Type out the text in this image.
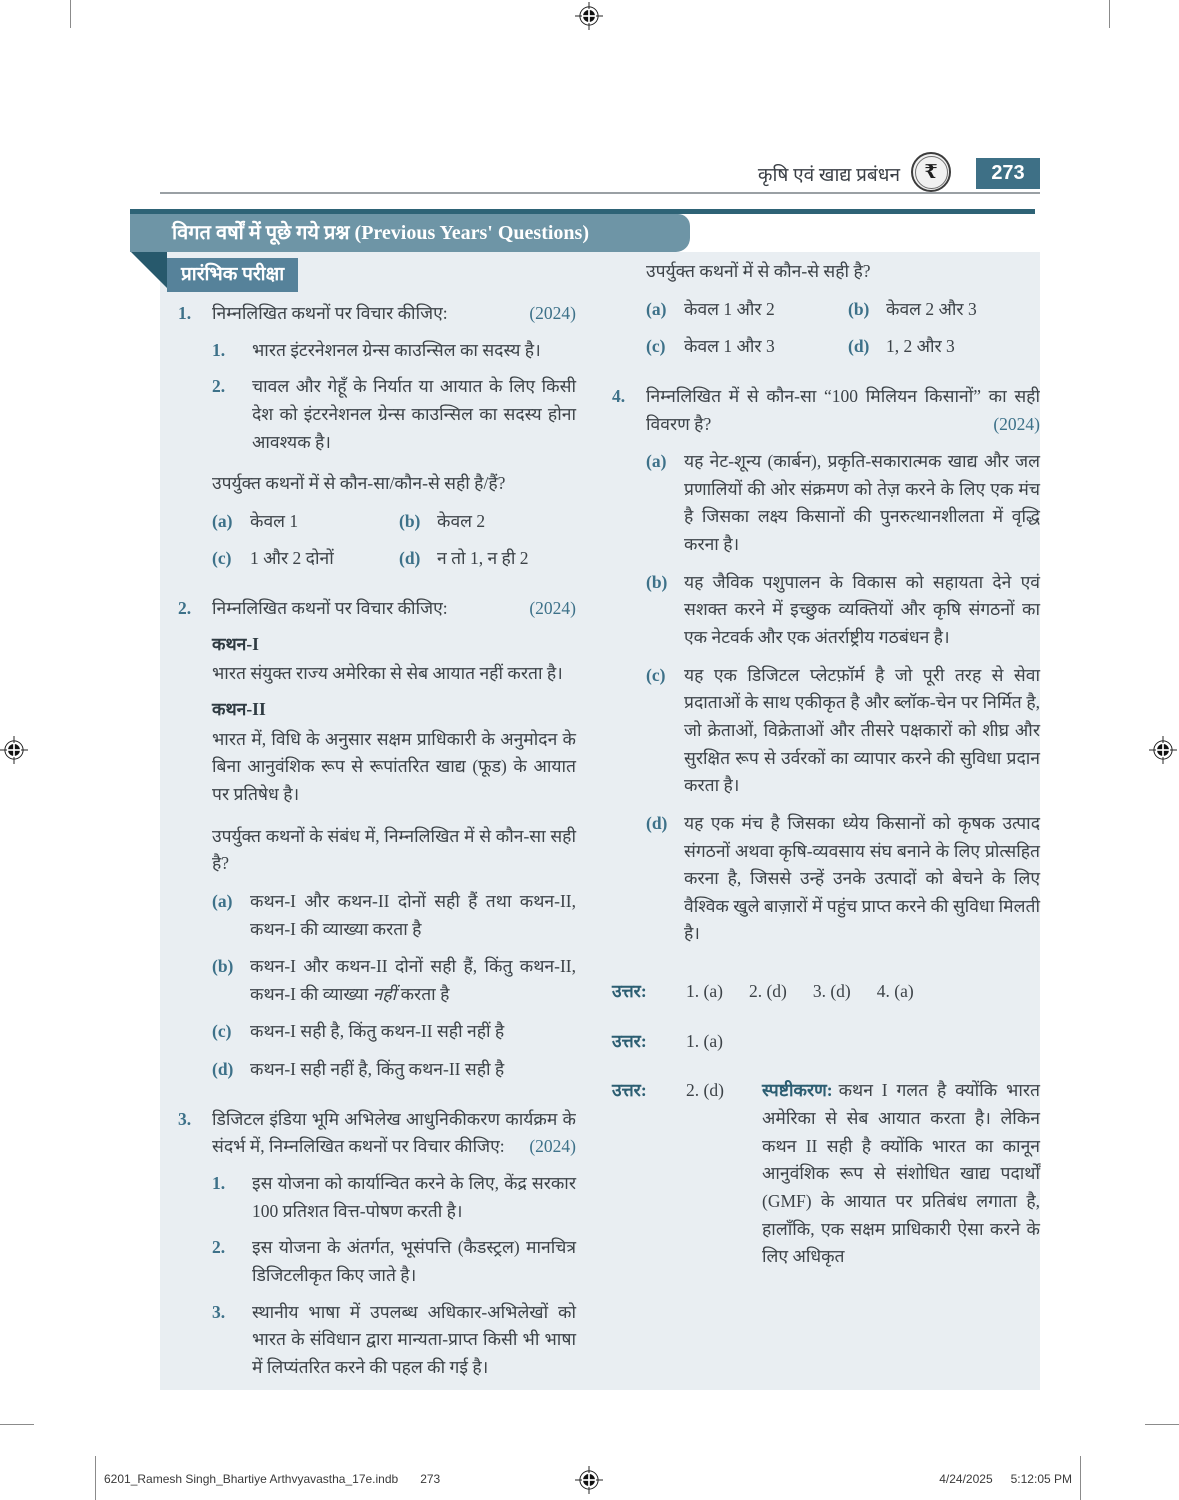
कृषि एवं खाद्य प्रबंधन	₹	273
विगत वर्षों में पूछे गये प्रश्न (Previous Years' Questions)
प्रारंभिक परीक्षा
1.	निम्नलिखित कथनों पर विचार कीजिए:	(2024)

1.	भारत इंटरनेशनल ग्रेन्स काउन्सिल का सदस्य है।
2.	चावल और गेहूँ के निर्यात या आयात के लिए किसी देश को इंटरनेशनल ग्रेन्स काउन्सिल का सदस्य होना आवश्यक है।

उपर्युक्त कथनों में से कौन-सा/कौन-से सही है/हैं?

(a)	केवल 1	(b) केवल 2
(c)	1 और 2 दोनों	(d) न तो 1, न ही 2
2.	निम्नलिखित कथनों पर विचार कीजिए:	(2024)

कथन-I

भारत संयुक्त राज्य अमेरिका से सेब आयात नहीं करता है।

कथन-II

भारत में, विधि के अनुसार सक्षम प्राधिकारी के अनुमोदन के बिना आनुवंशिक रूप से रूपांतरित खाद्य (फूड) के आयात पर प्रतिषेध है।

उपर्युक्त कथनों के संबंध में, निम्नलिखित में से कौन-सा सही है?

(a)	कथन-I और कथन-II दोनों सही हैं तथा कथन-II, कथन-I की व्याख्या करता है
(b) कथन-I और कथन-II दोनों सही हैं, किंतु कथन-II, कथन-I की व्याख्या नहीं करता है
(c)	कथन-I सही है, किंतु कथन-II सही नहीं है
(d) कथन-I सही नहीं है, किंतु कथन-II सही है
3.	डिजिटल इंडिया भूमि अभिलेख आधुनिकीकरण कार्यक्रम के संदर्भ में, निम्नलिखित कथनों पर विचार कीजिए: (2024)

1.	इस योजना को कार्यान्वित करने के लिए, केंद्र सरकार 100 प्रतिशत वित्त-पोषण करती है।
2.	इस योजना के अंतर्गत, भूसंपत्ति (कैडस्ट्रल) मानचित्र डिजिटलीकृत किए जाते है।
3.	स्थानीय भाषा में उपलब्ध अधिकार-अभिलेखों को भारत के संविधान द्वारा मान्यता-प्राप्त किसी भी भाषा में लिप्यंतरित करने की पहल की गई है।

उपर्युक्त कथनों में से कौन-से सही है?

(a)	केवल 1 और 2	(b) केवल 2 और 3
(c)	केवल 1 और 3	(d) 1, 2 और 3
4.	निम्नलिखित में से कौन-सा “100 मिलियन किसानों” का सही विवरण है?	(2024)

(a)	यह नेट-शून्य (कार्बन), प्रकृति-सकारात्मक खाद्य और जल प्रणालियों की ओर संक्रमण को तेज़ करने के लिए एक मंच है जिसका लक्ष्य किसानों की पुनरुत्थानशीलता में वृद्धि करना है।
(b) यह जैविक पशुपालन के विकास को सहायता देने एवं सशक्त करने में इच्छुक व्यक्तियों और कृषि संगठनों का एक नेटवर्क और एक अंतर्राष्ट्रीय गठबंधन है।
(c)	यह एक डिजिटल प्लेटफ़ॉर्म है जो पूरी तरह से सेवा प्रदाताओं के साथ एकीकृत है और ब्लॉक-चेन पर निर्मित है, जो क्रेताओं, विक्रेताओं और तीसरे पक्षकारों को शीघ्र और सुरक्षित रूप से उर्वरकों का व्यापार करने की सुविधा प्रदान करता है।
(d) यह एक मंच है जिसका ध्येय किसानों को कृषक उत्पाद संगठनों अथवा कृषि-व्यवसाय संघ बनाने के लिए प्रोत्सहित करना है, जिससे उन्हें उनके उत्पादों को बेचने के लिए वैश्विक खुले बाज़ारों में पहुंच प्राप्त करने की सुविधा मिलती है।
उत्तर:	1. (a) 2. (d) 3. (d) 4. (a)
उत्तर:	1. (a)
उत्तर:	2. (d)	स्पष्टीकरण: कथन I गलत है क्योंकि भारत अमेरिका से सेब आयात करता है। लेकिन कथन II सही है क्योंकि भारत का कानून आनुवंशिक रूप से संशोधित खाद्य पदार्थों (GMF) के आयात पर प्रतिबंध लगाता है, हालाँकि, एक सक्षम प्राधिकारी ऐसा करने के लिए अधिकृत
6201_Ramesh Singh_Bhartiye Arthvyavastha_17e.indb 273	4/24/2025 5:12:05 PM
